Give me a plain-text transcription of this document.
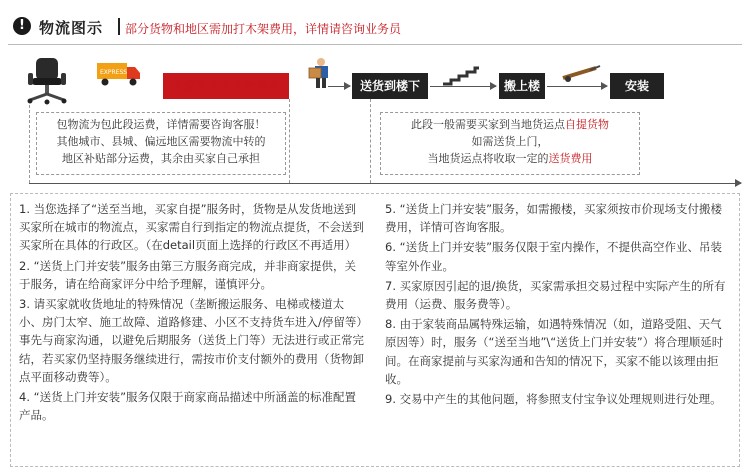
! 物流图示 部分货物和地区需加打木架费用，详情请咨询业务员
EXPRESS
买家所在市区物流点	送货到楼下	搬上楼	安装
包物流为包此段运费，详情需要咨询客服！
其他城市、县城、偏远地区需要物流中转的
地区补贴部分运费，其余由买家自己承担
此段一般需要买家到当地货运点自提货物
如需送货上门，
当地货运点将收取一定的送货费用

1. 当您选择了“送至当地，买家自提”服务时，货物是从发货地送到买家所在城市的物流点，买家需自行到指定的物流点提货，不会送到买家所在具体的行政区。（在detail页面上选择的行政区不再适用）

2. “送货上门并安装”服务由第三方服务商完成，并非商家提供，关于服务，请在给商家评分中给予理解，谨慎评分。

3. 请买家就收货地址的特殊情况（垄断搬运服务、电梯或楼道太小、房门太窄、施工故障、道路修建、小区不支持货车进入/停留等）事先与商家沟通，以避免后期服务（送货上门等）无法进行或正常完结，若买家仍坚持服务继续进行，需按市价支付额外的费用（货物卸点平面移动费等）。

4. “送货上门并安装”服务仅限于商家商品描述中所涵盖的标准配置产品。

5. “送货上门并安装”服务，如需搬楼，买家须按市价现场支付搬楼费用，详情可咨询客服。

6. “送货上门并安装”服务仅限于室内操作，不提供高空作业、吊装等室外作业。

7. 买家原因引起的退/换货，买家需承担交易过程中实际产生的所有费用（运费、服务费等）。

8. 由于家装商品属特殊运输，如遇特殊情况（如，道路受阻、天气原因等）时，服务（“送至当地”\“送货上门并安装”）将合理顺延时间。在商家提前与买家沟通和告知的情况下，买家不能以该理由拒收。

9. 交易中产生的其他问题，将参照支付宝争议处理规则进行处理。
